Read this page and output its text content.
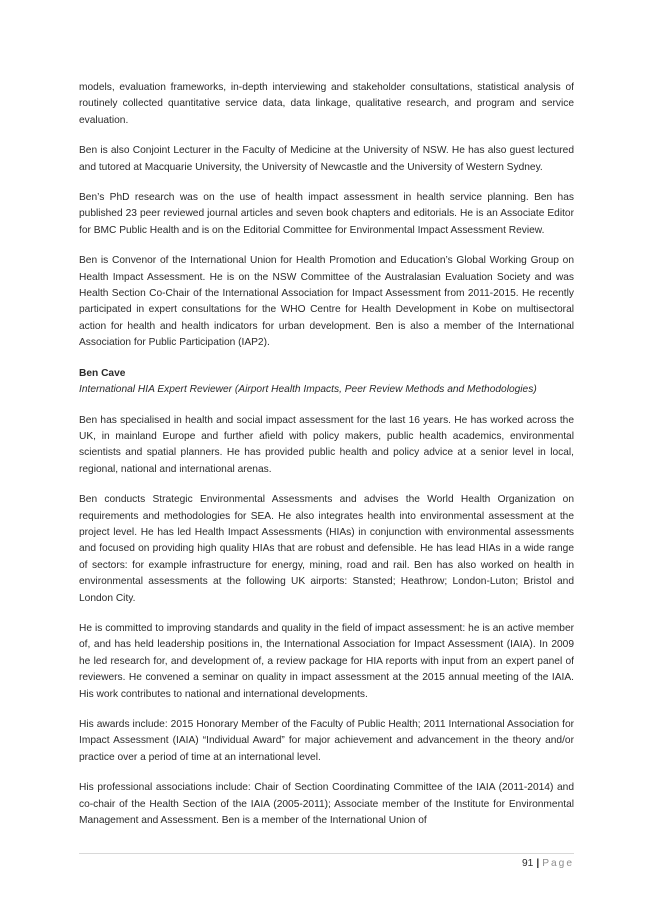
models, evaluation frameworks, in-depth interviewing and stakeholder consultations, statistical analysis of routinely collected quantitative service data, data linkage, qualitative research, and program and service evaluation.

Ben is also Conjoint Lecturer in the Faculty of Medicine at the University of NSW. He has also guest lectured and tutored at Macquarie University, the University of Newcastle and the University of Western Sydney.

Ben’s PhD research was on the use of health impact assessment in health service planning. Ben has published 23 peer reviewed journal articles and seven book chapters and editorials. He is an Associate Editor for BMC Public Health and is on the Editorial Committee for Environmental Impact Assessment Review.

Ben is Convenor of the International Union for Health Promotion and Education’s Global Working Group on Health Impact Assessment. He is on the NSW Committee of the Australasian Evaluation Society and was Health Section Co-Chair of the International Association for Impact Assessment from 2011-2015. He recently participated in expert consultations for the WHO Centre for Health Development in Kobe on multisectoral action for health and health indicators for urban development. Ben is also a member of the International Association for Public Participation (IAP2).

Ben Cave
International HIA Expert Reviewer (Airport Health Impacts, Peer Review Methods and Methodologies)

Ben has specialised in health and social impact assessment for the last 16 years. He has worked across the UK, in mainland Europe and further afield with policy makers, public health academics, environmental scientists and spatial planners. He has provided public health and policy advice at a senior level in local, regional, national and international arenas.

Ben conducts Strategic Environmental Assessments and advises the World Health Organization on requirements and methodologies for SEA. He also integrates health into environmental assessment at the project level. He has led Health Impact Assessments (HIAs) in conjunction with environmental assessments and focused on providing high quality HIAs that are robust and defensible. He has lead HIAs in a wide range of sectors: for example infrastructure for energy, mining, road and rail. Ben has also worked on health in environmental assessments at the following UK airports: Stansted; Heathrow; London-Luton; Bristol and London City.

He is committed to improving standards and quality in the field of impact assessment: he is an active member of, and has held leadership positions in, the International Association for Impact Assessment (IAIA). In 2009 he led research for, and development of, a review package for HIA reports with input from an expert panel of reviewers. He convened a seminar on quality in impact assessment at the 2015 annual meeting of the IAIA. His work contributes to national and international developments.

His awards include: 2015 Honorary Member of the Faculty of Public Health; 2011 International Association for Impact Assessment (IAIA) “Individual Award” for major achievement and advancement in the theory and/or practice over a period of time at an international level.

His professional associations include: Chair of Section Coordinating Committee of the IAIA (2011-2014) and co-chair of the Health Section of the IAIA (2005-2011); Associate member of the Institute for Environmental Management and Assessment. Ben is a member of the International Union of

91 | Page
